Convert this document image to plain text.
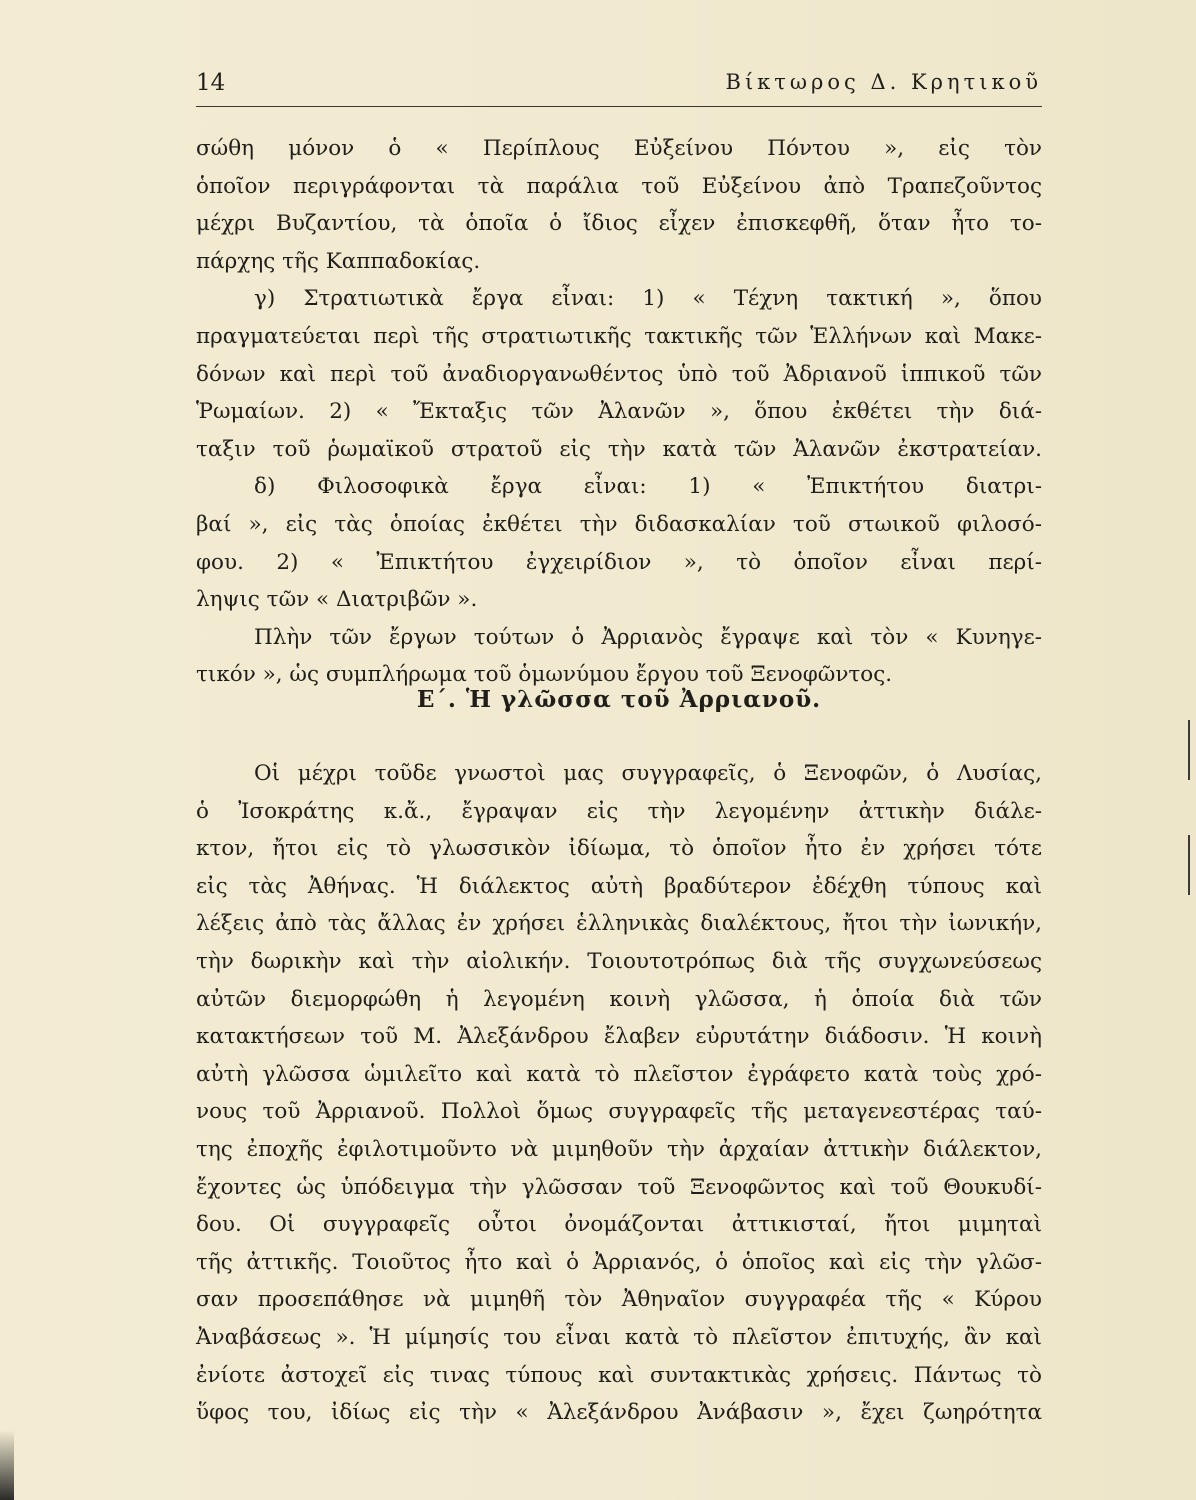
14	Βίκτωρος Δ. Κρητικοῦ
σώθη μόνον ὁ « Περίπλους Εὐξείνου Πόντου », εἰς τὸν
ὁποῖον περιγράφονται τὰ παράλια τοῦ Εὐξείνου ἀπὸ Τραπεζοῦντος
μέχρι Βυζαντίου, τὰ ὁποῖα ὁ ἴδιος εἶχεν ἐπισκεφθῆ, ὅταν ἦτο το-
πάρχης τῆς Καππαδοκίας.
γ) Στρατιωτικὰ ἔργα εἶναι: 1) « Τέχνη τακτική », ὅπου
πραγματεύεται περὶ τῆς στρατιωτικῆς τακτικῆς τῶν Ἑλλήνων καὶ Μακε-
δόνων καὶ περὶ τοῦ ἀναδιοργανωθέντος ὑπὸ τοῦ Ἀδριανοῦ ἱππικοῦ τῶν
Ῥωμαίων. 2) « Ἔκταξις τῶν Ἀλανῶν », ὅπου ἐκθέτει τὴν διά-
ταξιν τοῦ ῥωμαϊκοῦ στρατοῦ εἰς τὴν κατὰ τῶν Ἀλανῶν ἐκστρατείαν.
δ) Φιλοσοφικὰ ἔργα εἶναι: 1) « Ἐπικτήτου διατρι-
βαί », εἰς τὰς ὁποίας ἐκθέτει τὴν διδασκαλίαν τοῦ στωικοῦ φιλοσό-
φου. 2) « Ἐπικτήτου ἐγχειρίδιον », τὸ ὁποῖον εἶναι περί-
ληψις τῶν « Διατριβῶν ».
Πλὴν τῶν ἔργων τούτων ὁ Ἀρριανὸς ἔγραψε καὶ τὸν « Κυνηγε-
τικόν », ὡς συμπλήρωμα τοῦ ὁμωνύμου ἔργου τοῦ Ξενοφῶντος.
Ε΄. Ἡ γλῶσσα τοῦ Ἀρριανοῦ.
Οἱ μέχρι τοῦδε γνωστοὶ μας συγγραφεῖς, ὁ Ξενοφῶν, ὁ Λυσίας,
ὁ Ἰσοκράτης κ.ἄ., ἔγραψαν εἰς τὴν λεγομένην ἀττικὴν διάλε-
κτον, ἤτοι εἰς τὸ γλωσσικὸν ἰδίωμα, τὸ ὁποῖον ἦτο ἐν χρήσει τότε
εἰς τὰς Ἀθήνας. Ἡ διάλεκτος αὐτὴ βραδύτερον ἐδέχθη τύπους καὶ
λέξεις ἀπὸ τὰς ἄλλας ἐν χρήσει ἑλληνικὰς διαλέκτους, ἤτοι τὴν ἰωνικήν,
τὴν δωρικὴν καὶ τὴν αἰολικήν. Τοιουτοτρόπως διὰ τῆς συγχωνεύσεως
αὐτῶν διεμορφώθη ἡ λεγομένη κοινὴ γλῶσσα, ἡ ὁποία διὰ τῶν
κατακτήσεων τοῦ Μ. Ἀλεξάνδρου ἔλαβεν εὐρυτάτην διάδοσιν. Ἡ κοινὴ
αὐτὴ γλῶσσα ὡμιλεῖτο καὶ κατὰ τὸ πλεῖστον ἐγράφετο κατὰ τοὺς χρό-
νους τοῦ Ἀρριανοῦ. Πολλοὶ ὅμως συγγραφεῖς τῆς μεταγενεστέρας ταύ-
της ἐποχῆς ἐφιλοτιμοῦντο νὰ μιμηθοῦν τὴν ἀρχαίαν ἀττικὴν διάλεκτον,
ἔχοντες ὡς ὑπόδειγμα τὴν γλῶσσαν τοῦ Ξενοφῶντος καὶ τοῦ Θουκυδί-
δου. Οἱ συγγραφεῖς οὗτοι ὀνομάζονται ἀττικισταί, ἤτοι μιμηταὶ
τῆς ἀττικῆς. Τοιοῦτος ἦτο καὶ ὁ Ἀρριανός, ὁ ὁποῖος καὶ εἰς τὴν γλῶσ-
σαν προσεπάθησε νὰ μιμηθῆ τὸν Ἀθηναῖον συγγραφέα τῆς « Κύρου
Ἀναβάσεως ». Ἡ μίμησίς του εἶναι κατὰ τὸ πλεῖστον ἐπιτυχής, ἂν καὶ
ἐνίοτε ἀστοχεῖ εἰς τινας τύπους καὶ συντακτικὰς χρήσεις. Πάντως τὸ
ὕφος του, ἰδίως εἰς τὴν « Ἀλεξάνδρου Ἀνάβασιν », ἔχει ζωηρότητα
